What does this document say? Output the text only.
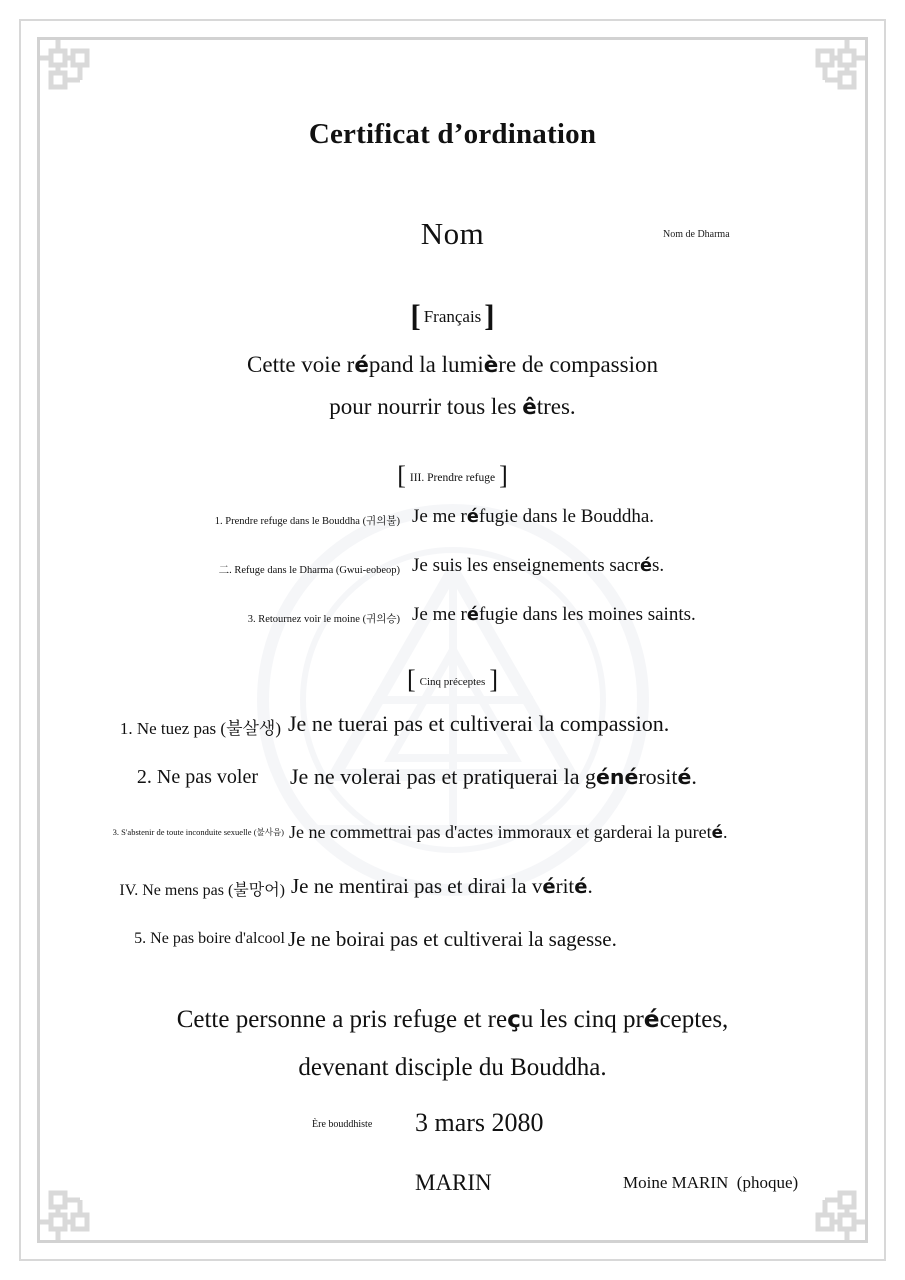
Certificat d’ordination
Nom	Nom de Dharma
[ Français]
Cette voie répand la lumière de compassion
pour nourrir tous les êtres.
[ III. Prendre refuge ]
1. Prendre refuge dans le Bouddha (귀의불) Je me réfugie dans le Bouddha.
二. Refuge dans le Dharma (Gwui-eobeop) Je suis les enseignements sacrés.
3. Retournez voir le moine (귀의승) Je me réfugie dans les moines saints.
[ Cinq préceptes ]
1. Ne tuez pas (불살생) Je ne tuerai pas et cultiverai la compassion.
2. Ne pas voler Je ne volerai pas et pratiquerai la générosité.
3. S'abstenir de toute inconduite sexuelle (불사음) Je ne commettrai pas d'actes immoraux et garderai la pureté.
IV. Ne mens pas (불망어) Je ne mentirai pas et dirai la vérité.
5. Ne pas boire d'alcool Je ne boirai pas et cultiverai la sagesse.
Cette personne a pris refuge et reçu les cinq préceptes,
devenant disciple du Bouddha.
Ère bouddhiste 3 mars 2080
MARIN	Moine MARIN (phoque)
